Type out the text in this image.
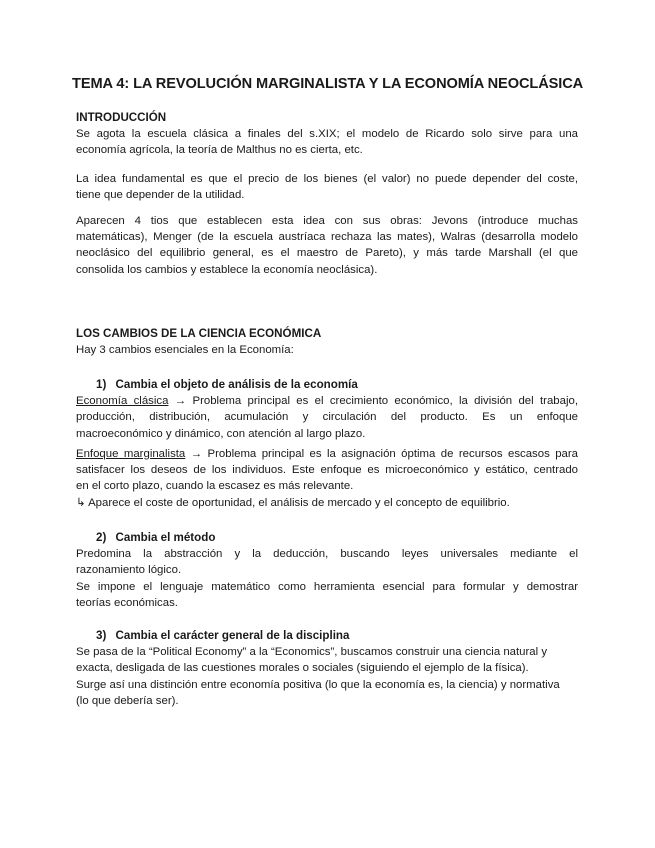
TEMA 4: LA REVOLUCIÓN MARGINALISTA Y LA ECONOMÍA NEOCLÁSICA
INTRODUCCIÓN
Se agota la escuela clásica a finales del s.XIX; el modelo de Ricardo solo sirve para una
economía agrícola, la teoría de Malthus no es cierta, etc.
La idea fundamental es que el precio de los bienes (el valor) no puede depender del coste,
tiene que depender de la utilidad.
Aparecen 4 tios que establecen esta idea con sus obras: Jevons (introduce muchas
matemáticas), Menger (de la escuela austríaca rechaza las mates), Walras (desarrolla modelo
neoclásico del equilibrio general, es el maestro de Pareto), y más tarde Marshall (el que
consolida los cambios y establece la economía neoclásica).
LOS CAMBIOS DE LA CIENCIA ECONÓMICA
Hay 3 cambios esenciales en la Economía:
1) Cambia el objeto de análisis de la economía
Economía clásica → Problema principal es el crecimiento económico, la división del trabajo,
producción, distribución, acumulación y circulación del producto. Es un enfoque
macroeconómico y dinámico, con atención al largo plazo.
Enfoque marginalista → Problema principal es la asignación óptima de recursos escasos para
satisfacer los deseos de los individuos. Este enfoque es microeconómico y estático, centrado
en el corto plazo, cuando la escasez es más relevante.
↳ Aparece el coste de oportunidad, el análisis de mercado y el concepto de equilibrio.
2) Cambia el método
Predomina la abstracción y la deducción, buscando leyes universales mediante el
razonamiento lógico.
Se impone el lenguaje matemático como herramienta esencial para formular y demostrar
teorías económicas.
3) Cambia el carácter general de la disciplina
Se pasa de la “Political Economy” a la “Economics”, buscamos construir una ciencia natural y
exacta, desligada de las cuestiones morales o sociales (siguiendo el ejemplo de la física).
Surge así una distinción entre economía positiva (lo que la economía es, la ciencia) y normativa
(lo que debería ser).
